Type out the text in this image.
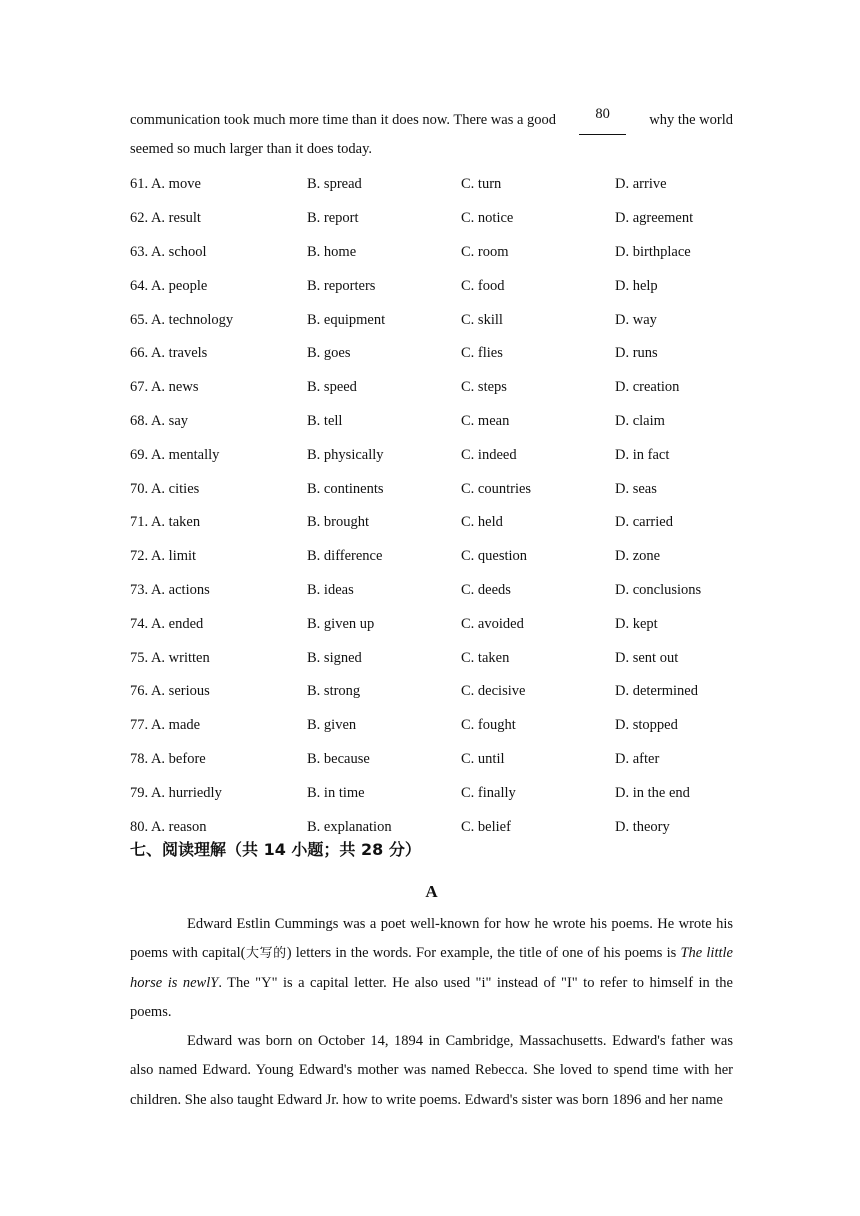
communication took much more time than it does now. There was a good	80	why the world
seemed so much larger than it does today.
61. A. move	B. spread	C. turn	D. arrive
62. A. result	B. report	C. notice	D. agreement
63. A. school	B. home	C. room	D. birthplace
64. A. people	B. reporters	C. food	D. help
65. A. technology	B. equipment	C. skill	D. way
66. A. travels	B. goes	C. flies	D. runs
67. A. news	B. speed	C. steps	D. creation
68. A. say	B. tell	C. mean	D. claim
69. A. mentally	B. physically	C. indeed	D. in fact
70. A. cities	B. continents	C. countries	D. seas
71. A. taken	B. brought	C. held	D. carried
72. A. limit	B. difference	C. question	D. zone
73. A. actions	B. ideas	C. deeds	D. conclusions
74. A. ended	B. given up	C. avoided	D. kept
75. A. written	B. signed	C. taken	D. sent out
76. A. serious	B. strong	C. decisive	D. determined
77. A. made	B. given	C. fought	D. stopped
78. A. before	B. because	C. until	D. after
79. A. hurriedly	B. in time	C. finally	D. in the end
80. A. reason	B. explanation	C. belief	D. theory
七、阅读理解（共 14 小题；共 28 分）
A

Edward Estlin Cummings was a poet well-known for how he wrote his poems. He wrote his poems with capital(大写的) letters in the words. For example, the title of one of his poems is The little horse is newlY. The "Y" is a capital letter. He also used "i" instead of "I" to refer to himself in the poems.

Edward was born on October 14, 1894 in Cambridge, Massachusetts. Edward's father was also named Edward. Young Edward's mother was named Rebecca. She loved to spend time with her children. She also taught Edward Jr. how to write poems. Edward's sister was born 1896 and her name
